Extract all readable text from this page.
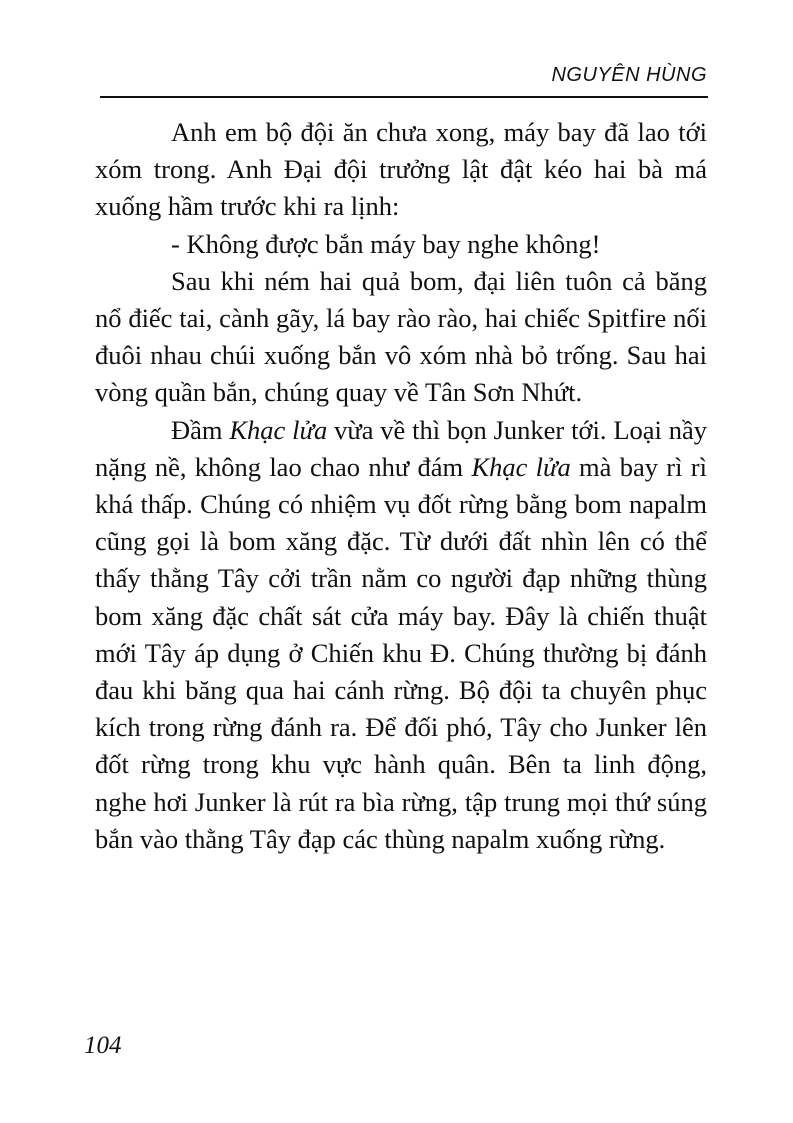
NGUYÊN HÙNG

Anh em bộ đội ăn chưa xong, máy bay đã lao tới xóm trong. Anh Đại đội trưởng lật đật kéo hai bà má xuống hầm trước khi ra lịnh:

- Không được bắn máy bay nghe không!

Sau khi ném hai quả bom, đại liên tuôn cả băng nổ điếc tai, cành gãy, lá bay rào rào, hai chiếc Spitfire nối đuôi nhau chúi xuống bắn vô xóm nhà bỏ trống. Sau hai vòng quần bắn, chúng quay về Tân Sơn Nhứt.

Đầm Khạc lửa vừa về thì bọn Junker tới. Loại nầy nặng nề, không lao chao như đám Khạc lửa mà bay rì rì khá thấp. Chúng có nhiệm vụ đốt rừng bằng bom napalm cũng gọi là bom xăng đặc. Từ dưới đất nhìn lên có thể thấy thằng Tây cởi trần nằm co người đạp những thùng bom xăng đặc chất sát cửa máy bay. Đây là chiến thuật mới Tây áp dụng ở Chiến khu Đ. Chúng thường bị đánh đau khi băng qua hai cánh rừng. Bộ đội ta chuyên phục kích trong rừng đánh ra. Để đối phó, Tây cho Junker lên đốt rừng trong khu vực hành quân. Bên ta linh động, nghe hơi Junker là rút ra bìa rừng, tập trung mọi thứ súng bắn vào thằng Tây đạp các thùng napalm xuống rừng.

104
